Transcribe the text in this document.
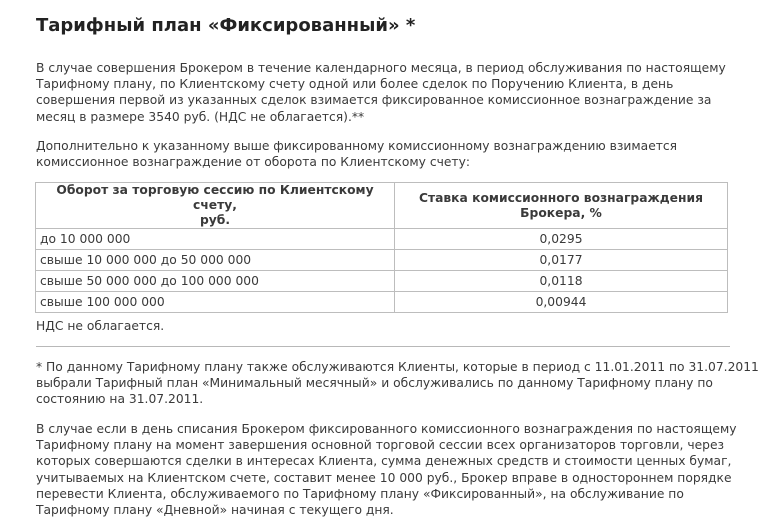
Тарифный план «Фиксированный» *

В случае совершения Брокером в течение календарного месяца, в период обслуживания по настоящему
Тарифному плану, по Клиентскому счету одной или более сделок по Поручению Клиента, в день
совершения первой из указанных сделок взимается фиксированное комиссионное вознаграждение за
месяц в размере 3540 руб. (НДС не облагается).**

Дополнительно к указанному выше фиксированному комиссионному вознаграждению взимается
комиссионное вознаграждение от оборота по Клиентскому счету:

Оборот за торговую сессию по Клиентскому счету,
руб.	Ставка комиссионного вознаграждения
Брокера, %

до 10 000 000	0,0295
свыше 10 000 000 до 50 000 000	0,0177
свыше 50 000 000 до 100 000 000	0,0118
свыше 100 000 000	0,00944

НДС не облагается.

* По данному Тарифному плану также обслуживаются Клиенты, которые в период с 11.01.2011 по 31.07.2011
выбрали Тарифный план «Минимальный месячный» и обслуживались по данному Тарифному плану по
состоянию на 31.07.2011.

В случае если в день списания Брокером фиксированного комиссионного вознаграждения по настоящему
Тарифному плану на момент завершения основной торговой сессии всех организаторов торговли, через
которых совершаются сделки в интересах Клиента, сумма денежных средств и стоимости ценных бумаг,
учитываемых на Клиентском счете, составит менее 10 000 руб., Брокер вправе в одностороннем порядке
перевести Клиента, обслуживаемого по Тарифному плану «Фиксированный», на обслуживание по
Тарифному плану «Дневной» начиная с текущего дня.
